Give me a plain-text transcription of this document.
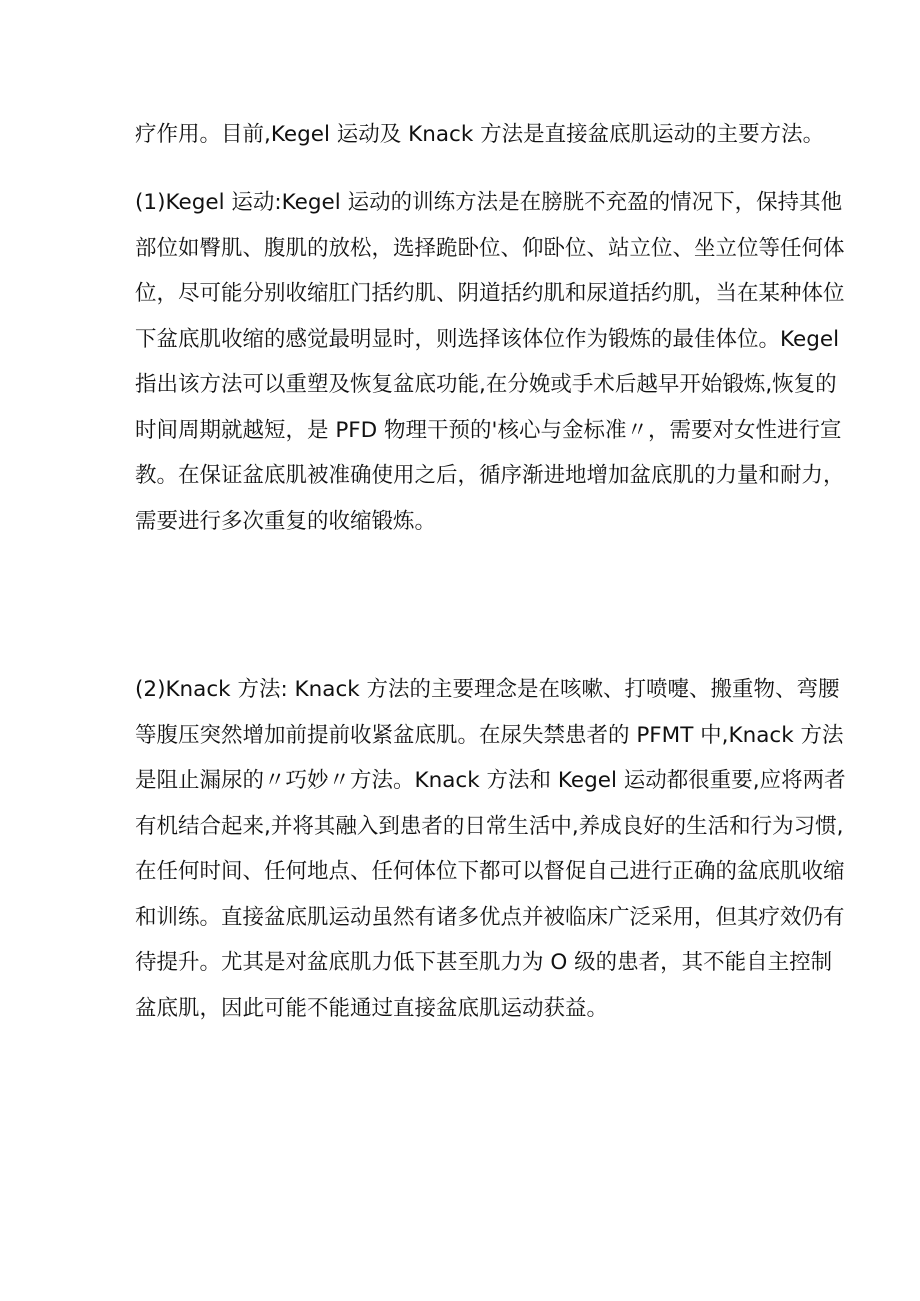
疗作用。目前,Kegel 运动及 Knack 方法是直接盆底肌运动的主要方法。
(1)Kegel 运动:Kegel 运动的训练方法是在膀胱不充盈的情况下，保持其他
部位如臀肌、腹肌的放松，选择跪卧位、仰卧位、站立位、坐立位等任何体
位，尽可能分别收缩肛门括约肌、阴道括约肌和尿道括约肌，当在某种体位
下盆底肌收缩的感觉最明显时，则选择该体位作为锻炼的最佳体位。Kegel
指出该方法可以重塑及恢复盆底功能,在分娩或手术后越早开始锻炼,恢复的
时间周期就越短，是 PFD 物理干预的'核心与金标准〃，需要对女性进行宣
教。在保证盆底肌被准确使用之后，循序渐进地增加盆底肌的力量和耐力，
需要进行多次重复的收缩锻炼。
(2)Knack 方法: Knack 方法的主要理念是在咳嗽、打喷嚏、搬重物、弯腰
等腹压突然增加前提前收紧盆底肌。在尿失禁患者的 PFMT 中,Knack 方法
是阻止漏尿的〃巧妙〃方法。Knack 方法和 Kegel 运动都很重要,应将两者
有机结合起来,并将其融入到患者的日常生活中,养成良好的生活和行为习惯,
在任何时间、任何地点、任何体位下都可以督促自己进行正确的盆底肌收缩
和训练。直接盆底肌运动虽然有诸多优点并被临床广泛采用，但其疗效仍有
待提升。尤其是对盆底肌力低下甚至肌力为 O 级的患者，其不能自主控制
盆底肌，因此可能不能通过直接盆底肌运动获益。
